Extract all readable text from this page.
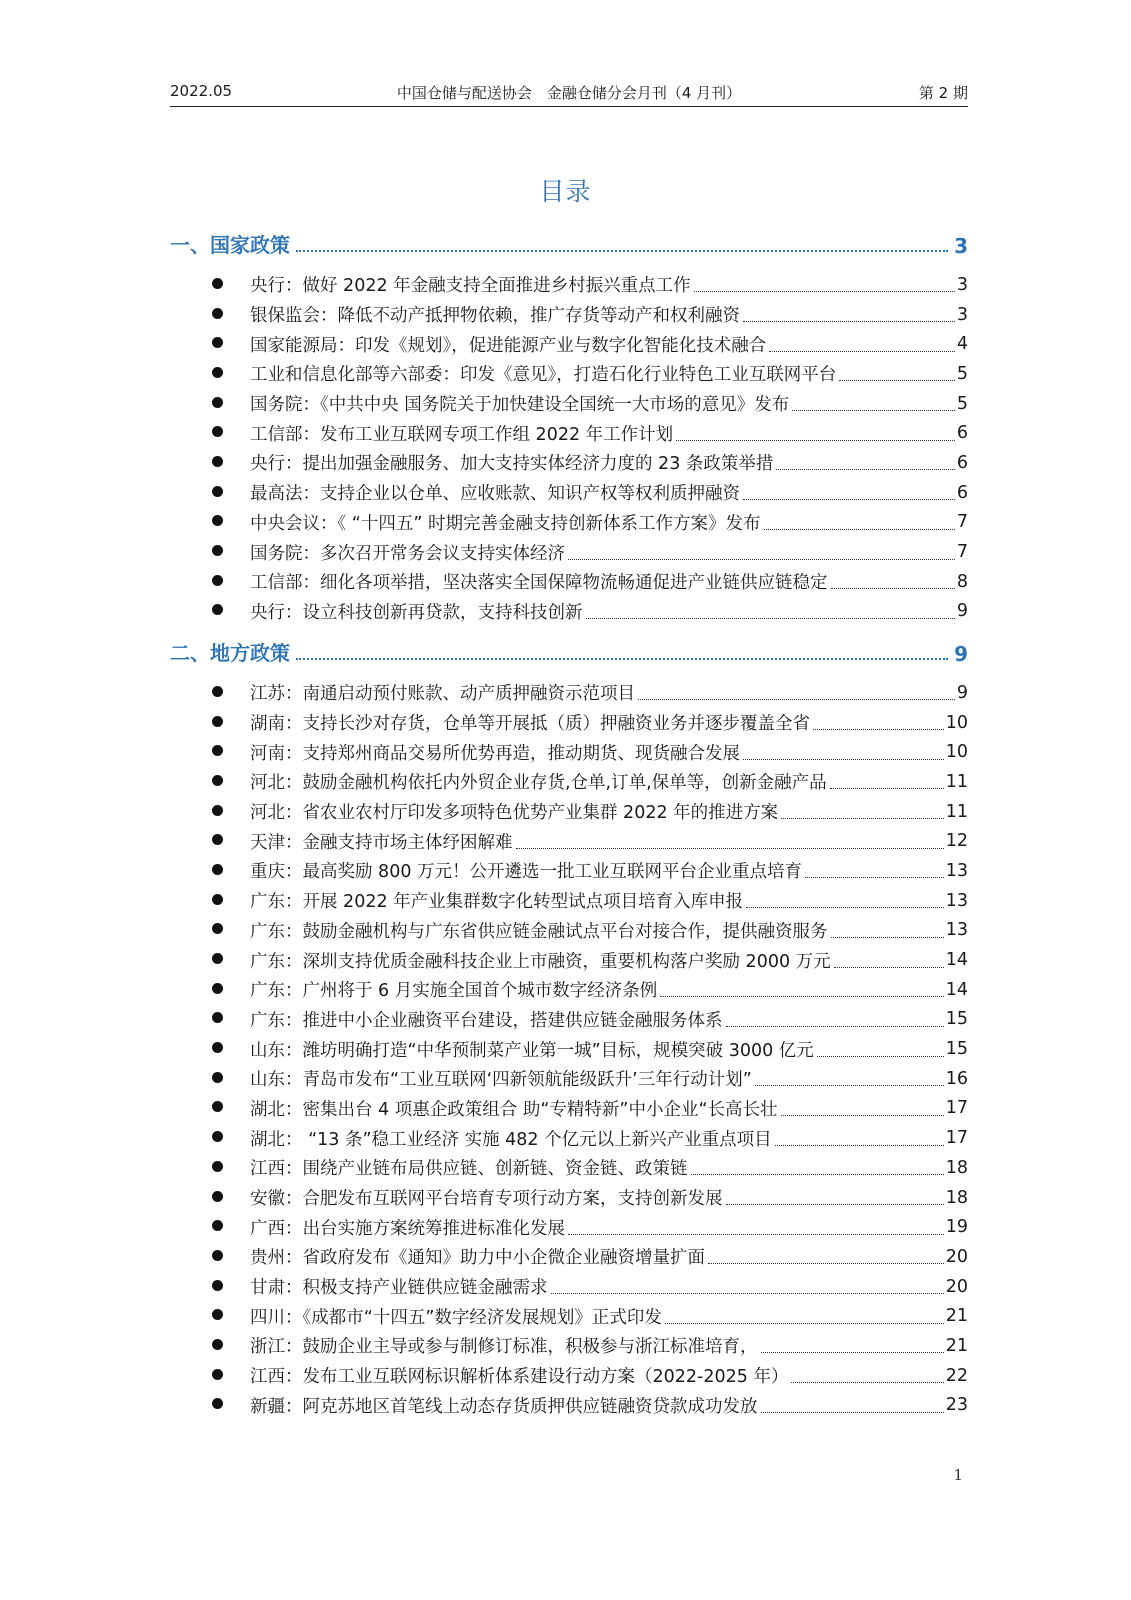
2022.05	中国仓储与配送协会　金融仓储分会月刊（4 月刊）	第 2 期
目录
一、国家政策	3
央行：做好 2022 年金融支持全面推进乡村振兴重点工作	3
银保监会：降低不动产抵押物依赖，推广存货等动产和权利融资	3
国家能源局：印发《规划》，促进能源产业与数字化智能化技术融合	4
工业和信息化部等六部委：印发《意见》，打造石化行业特色工业互联网平台	5
国务院：《中共中央 国务院关于加快建设全国统一大市场的意见》发布	5
工信部：发布工业互联网专项工作组 2022 年工作计划	6
央行：提出加强金融服务、加大支持实体经济力度的 23 条政策举措	6
最高法：支持企业以仓单、应收账款、知识产权等权利质押融资	6
中央会议：《 “十四五” 时期完善金融支持创新体系工作方案》发布	7
国务院：多次召开常务会议支持实体经济	7
工信部：细化各项举措，坚决落实全国保障物流畅通促进产业链供应链稳定	8
央行：设立科技创新再贷款，支持科技创新	9
二、地方政策	9
江苏：南通启动预付账款、动产质押融资示范项目	9
湖南：支持长沙对存货，仓单等开展抵（质）押融资业务并逐步覆盖全省	10
河南：支持郑州商品交易所优势再造，推动期货、现货融合发展	10
河北：鼓励金融机构依托内外贸企业存货,仓单,订单,保单等，创新金融产品	11
河北：省农业农村厅印发多项特色优势产业集群 2022 年的推进方案	11
天津：金融支持市场主体纾困解难	12
重庆：最高奖励 800 万元！公开遴选一批工业互联网平台企业重点培育	13
广东：开展 2022 年产业集群数字化转型试点项目培育入库申报	13
广东：鼓励金融机构与广东省供应链金融试点平台对接合作，提供融资服务	13
广东：深圳支持优质金融科技企业上市融资，重要机构落户奖励 2000 万元	14
广东：广州将于 6 月实施全国首个城市数字经济条例	14
广东：推进中小企业融资平台建设，搭建供应链金融服务体系	15
山东：潍坊明确打造“中华预制菜产业第一城”目标，规模突破 3000 亿元	15
山东：青岛市发布“工业互联网‘四新领航能级跃升’三年行动计划”	16
湖北：密集出台 4 项惠企政策组合 助“专精特新”中小企业“长高长壮	17
湖北： “13 条”稳工业经济 实施 482 个亿元以上新兴产业重点项目	17
江西：围绕产业链布局供应链、创新链、资金链、政策链	18
安徽：合肥发布互联网平台培育专项行动方案，支持创新发展	18
广西：出台实施方案统筹推进标准化发展	19
贵州：省政府发布《通知》助力中小企微企业融资增量扩面	20
甘肃：积极支持产业链供应链金融需求	20
四川：《成都市“十四五”数字经济发展规划》正式印发	21
浙江：鼓励企业主导或参与制修订标准，积极参与浙江标准培育，	21
江西：发布工业互联网标识解析体系建设行动方案（2022-2025 年）	22
新疆：阿克苏地区首笔线上动态存货质押供应链融资贷款成功发放	23
1
